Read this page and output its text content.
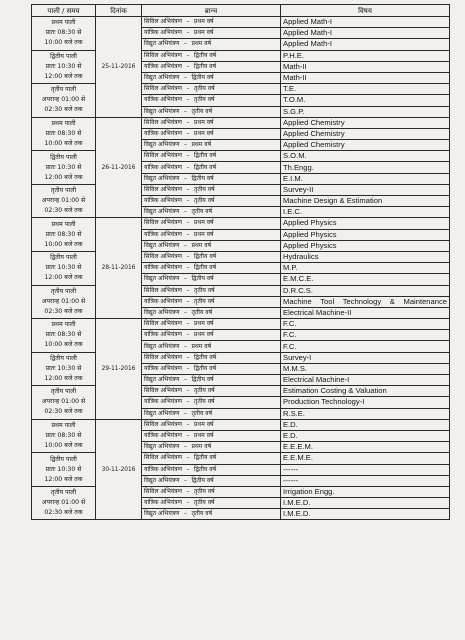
पाली / समय	दिनांक	ब्रान्च	विषय
प्रथम पाली
प्रातः 08:30 से
10:00 बजे तक	25-11-2016	सिविल अभियंत्रण – प्रथम वर्ष	Applied Math-I
		यांत्रिक अभियंत्रण – प्रथम वर्ष	Applied Math-I
		विद्युत अभियंत्रण – प्रथम वर्ष	Applied Math-I
द्वितीय पाली
प्रातः 10:30 से
12:00 बजे तक		सिविल अभियंत्रण – द्वितीय वर्ष	P.H.E.
		यांत्रिक अभियंत्रण – द्वितीय वर्ष	Math-II
		विद्युत अभियंत्रण – द्वितीय वर्ष	Math-II
तृतीय पाली
अपरान्ह 01:00 से
02:30 बजे तक		सिविल अभियंत्रण – तृतीय वर्ष	T.E.
		यांत्रिक अभियंत्रण – तृतीय वर्ष	T.O.M.
		विद्युत अभियंत्रण – तृतीय वर्ष	S.G.P.
प्रथम पाली
प्रातः 08:30 से
10:00 बजे तक	26-11-2016	सिविल अभियंत्रण – प्रथम वर्ष	Applied Chemistry
		यांत्रिक अभियंत्रण – प्रथम वर्ष	Applied Chemistry
		विद्युत अभियंत्रण – प्रथम वर्ष	Applied Chemistry
द्वितीय पाली
प्रातः 10:30 से
12:00 बजे तक		सिविल अभियंत्रण – द्वितीय वर्ष	S.O.M.
		यांत्रिक अभियंत्रण – द्वितीय वर्ष	Th.Engg.
		विद्युत अभियंत्रण – द्वितीय वर्ष	E.I.M.
तृतीय पाली
अपरान्ह 01:00 से
02:30 बजे तक		सिविल अभियंत्रण – तृतीय वर्ष	Survey-II
		यांत्रिक अभियंत्रण – तृतीय वर्ष	Machine Design & Estimation
		विद्युत अभियंत्रण – तृतीय वर्ष	I.E.C.
प्रथम पाली
प्रातः 08:30 से
10:00 बजे तक	28-11-2016	सिविल अभियंत्रण – प्रथम वर्ष	Applied Physics
		यांत्रिक अभियंत्रण – प्रथम वर्ष	Applied Physics
		विद्युत अभियंत्रण – प्रथम वर्ष	Applied Physics
द्वितीय पाली
प्रातः 10:30 से
12:00 बजे तक		सिविल अभियंत्रण – द्वितीय वर्ष	Hydraulics
		यांत्रिक अभियंत्रण – द्वितीय वर्ष	M.P.
		विद्युत अभियंत्रण – द्वितीय वर्ष	E.M.C.E.
तृतीय पाली
अपरान्ह 01:00 से
02:30 बजे तक		सिविल अभियंत्रण – तृतीय वर्ष	D.R.C.S.
		यांत्रिक अभियंत्रण – तृतीय वर्ष	Machine Tool Technology & Maintenance
		विद्युत अभियंत्रण – तृतीय वर्ष	Electrical Machine-II
प्रथम पाली
प्रातः 08:30 से
10:00 बजे तक	29-11-2016	सिविल अभियंत्रण – प्रथम वर्ष	F.C.
		यांत्रिक अभियंत्रण – प्रथम वर्ष	F.C.
		विद्युत अभियंत्रण – प्रथम वर्ष	F.C.
द्वितीय पाली
प्रातः 10:30 से
12:00 बजे तक		सिविल अभियंत्रण – द्वितीय वर्ष	Survey-I
		यांत्रिक अभियंत्रण – द्वितीय वर्ष	M.M.S.
		विद्युत अभियंत्रण – द्वितीय वर्ष	Electrical Machine-I
तृतीय पाली
अपरान्ह 01:00 से
02:30 बजे तक		सिविल अभियंत्रण – तृतीय वर्ष	Estimation Costing & Valuation
		यांत्रिक अभियंत्रण – तृतीय वर्ष	Production Technology-I
		विद्युत अभियंत्रण – तृतीय वर्ष	R.S.E.
प्रथम पाली
प्रातः 08:30 से
10:00 बजे तक	30-11-2016	सिविल अभियंत्रण – प्रथम वर्ष	E.D.
		यांत्रिक अभियंत्रण – प्रथम वर्ष	E.D.
		विद्युत अभियंत्रण – प्रथम वर्ष	E.E.E.M.
द्वितीय पाली
प्रातः 10:30 से
12:00 बजे तक		सिविल अभियंत्रण – द्वितीय वर्ष	E.E.M.E.
		यांत्रिक अभियंत्रण – द्वितीय वर्ष	------
		विद्युत अभियंत्रण – द्वितीय वर्ष	------
तृतीय पाली
अपरान्ह 01:00 से
02:30 बजे तक		सिविल अभियंत्रण – तृतीय वर्ष	Irrigation Engg.
		यांत्रिक अभियंत्रण – तृतीय वर्ष	I.M.E.D.
		विद्युत अभियंत्रण – तृतीय वर्ष	I.M.E.D.
